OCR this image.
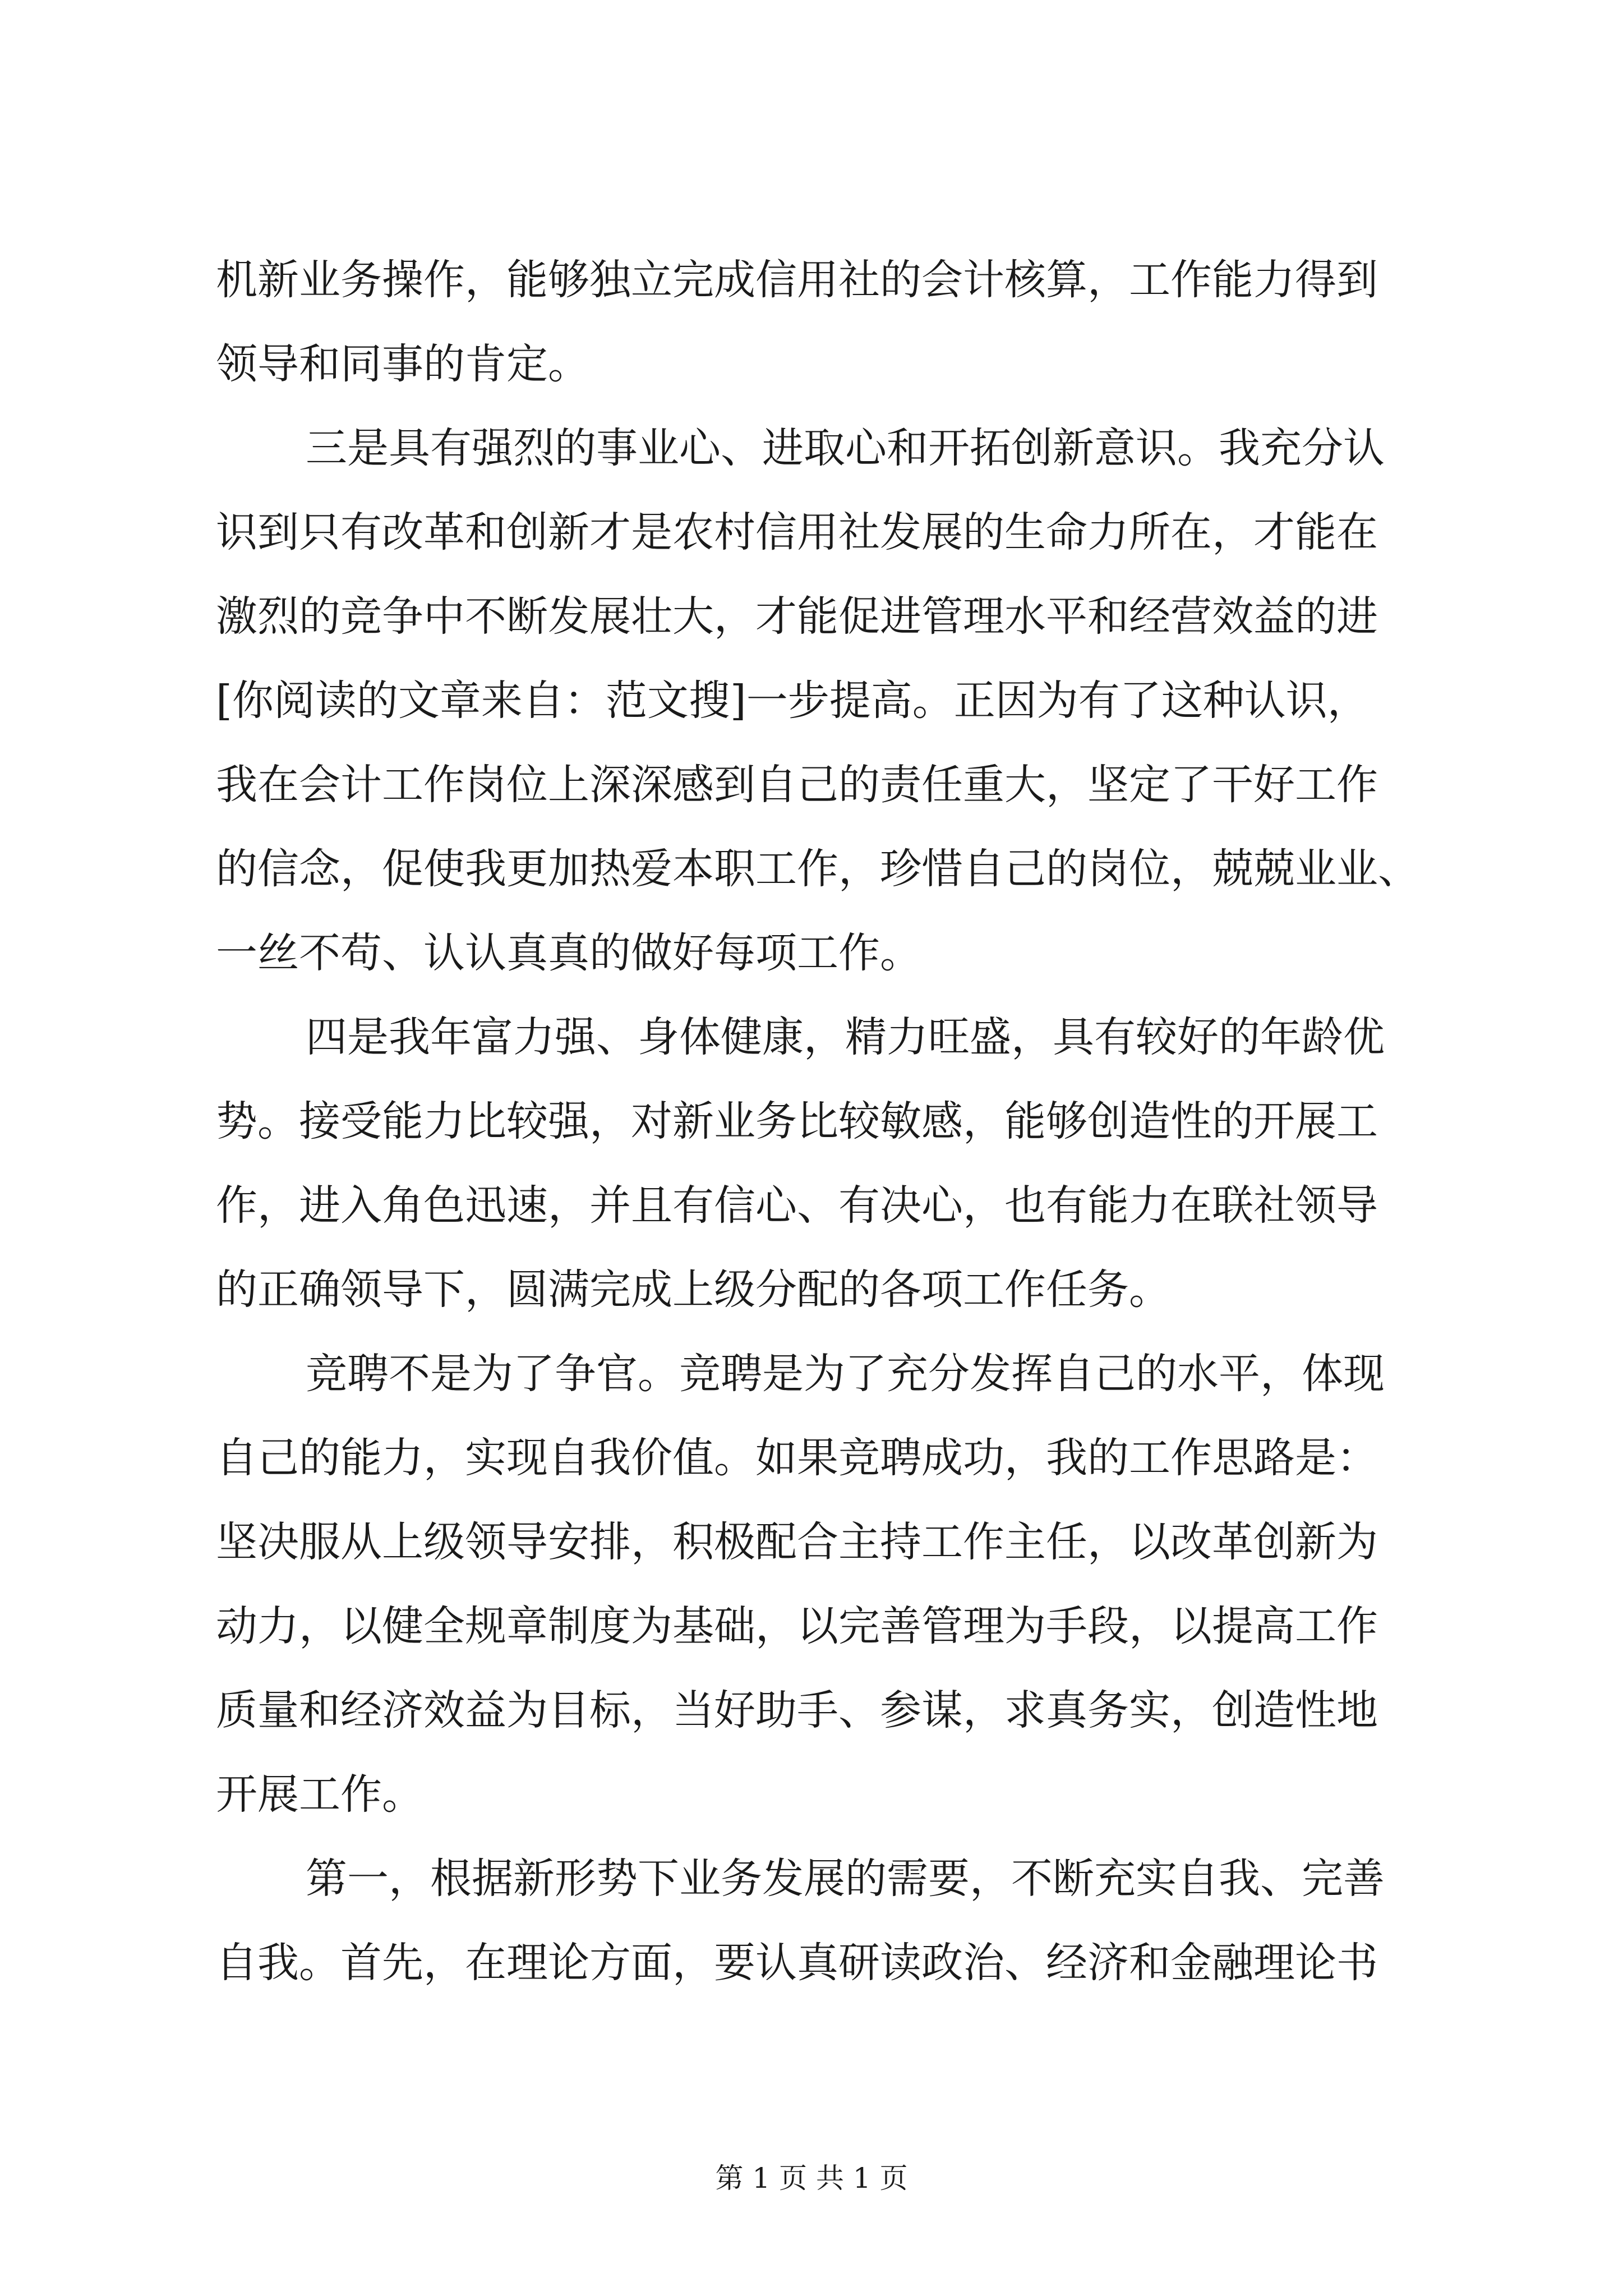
机新业务操作，能够独立完成信用社的会计核算，工作能力得到
领导和同事的肯定。
三是具有强烈的事业心、进取心和开拓创新意识。我充分认
识到只有改革和创新才是农村信用社发展的生命力所在，才能在
激烈的竞争中不断发展壮大，才能促进管理水平和经营效益的进
[你阅读的文章来自：范文搜]一步提高。正因为有了这种认识，
我在会计工作岗位上深深感到自己的责任重大，坚定了干好工作
的信念，促使我更加热爱本职工作，珍惜自己的岗位，兢兢业业、
一丝不苟、认认真真的做好每项工作。
四是我年富力强、身体健康，精力旺盛，具有较好的年龄优
势。接受能力比较强，对新业务比较敏感，能够创造性的开展工
作，进入角色迅速，并且有信心、有决心，也有能力在联社领导
的正确领导下，圆满完成上级分配的各项工作任务。
竞聘不是为了争官。竞聘是为了充分发挥自己的水平，体现
自己的能力，实现自我价值。如果竞聘成功，我的工作思路是：
坚决服从上级领导安排，积极配合主持工作主任，以改革创新为
动力，以健全规章制度为基础，以完善管理为手段，以提高工作
质量和经济效益为目标，当好助手、参谋，求真务实，创造性地
开展工作。
第一，根据新形势下业务发展的需要，不断充实自我、完善
自我。首先，在理论方面，要认真研读政治、经济和金融理论书
第 1 页 共 1 页
